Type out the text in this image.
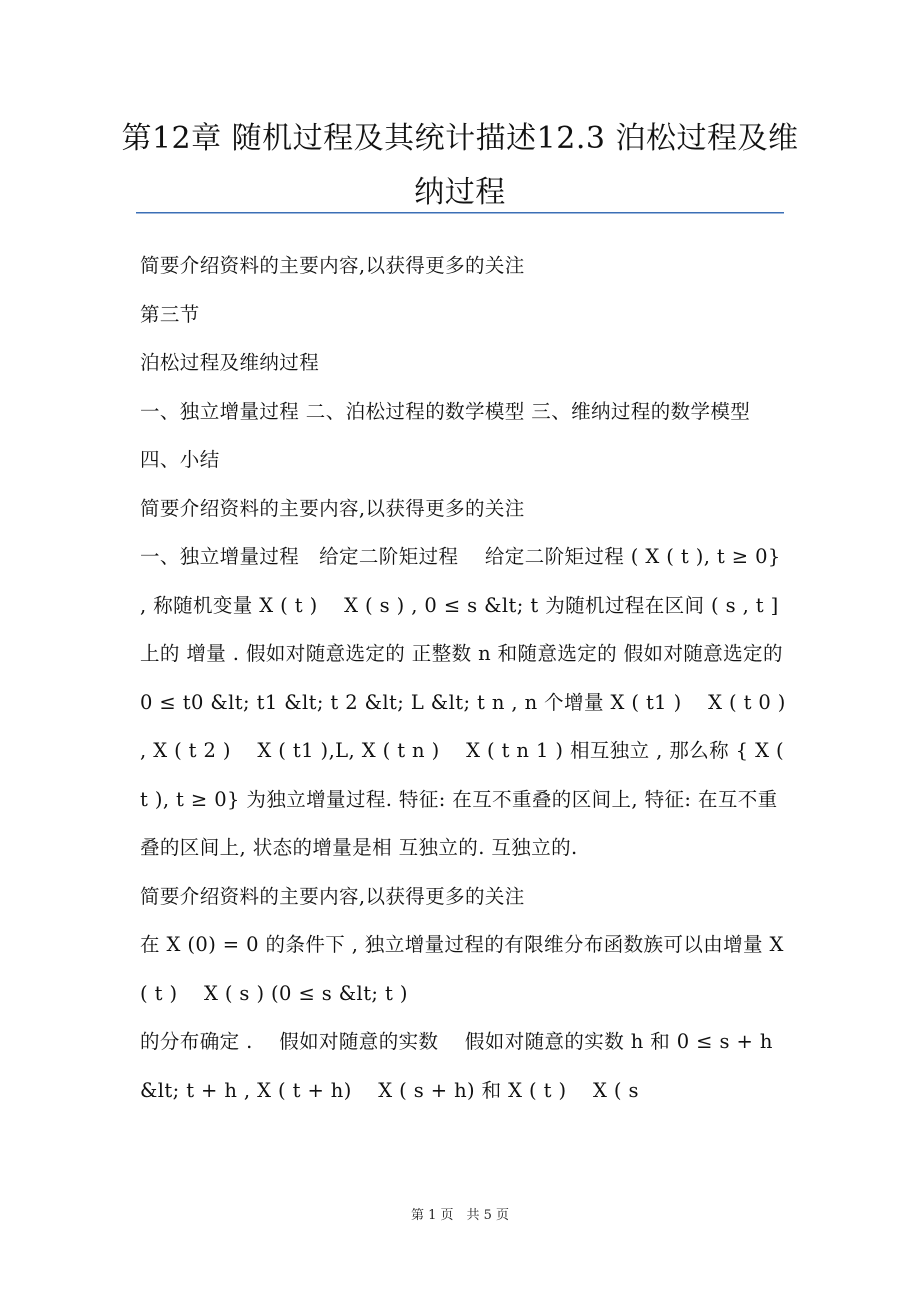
第12章 随机过程及其统计描述12.3 泊松过程及维纳过程

简要介绍资料的主要内容,以获得更多的关注

第三节

泊松过程及维纳过程

一、独立增量过程 二、泊松过程的数学模型 三、维纳过程的数学模型 四、小结

简要介绍资料的主要内容,以获得更多的关注

一、独立增量过程　给定二阶矩过程　 给定二阶矩过程 ( X ( t ), t ≥ 0} , 称随机变量 X ( t )　 X ( s ) , 0 ≤ s &lt; t 为随机过程在区间 ( s , t ] 上的 增量 . 假如对随意选定的 正整数 n 和随意选定的 假如对随意选定的　　0 ≤ t0 &lt; t1 &lt; t 2 &lt; L &lt; t n , n 个增量 X ( t1 )　 X ( t 0 ) , X ( t 2 )　 X ( t1 ),L, X ( t n )　 X ( t n 1 ) 相互独立 , 那么称 { X ( t ), t ≥ 0} 为独立增量过程. 特征: 在互不重叠的区间上, 特征: 在互不重叠的区间上, 状态的增量是相 互独立的. 互独立的.

简要介绍资料的主要内容,以获得更多的关注

在 X (0) = 0 的条件下 , 独立增量过程的有限维分布函数族可以由增量 X ( t )　 X ( s ) (0 ≤ s &lt; t )

的分布确定 .　 假如对随意的实数　 假如对随意的实数 h 和 0 ≤ s + h &lt; t + h , X ( t + h)　 X ( s + h) 和 X ( t )　 X ( s

第 1 页　共 5 页
